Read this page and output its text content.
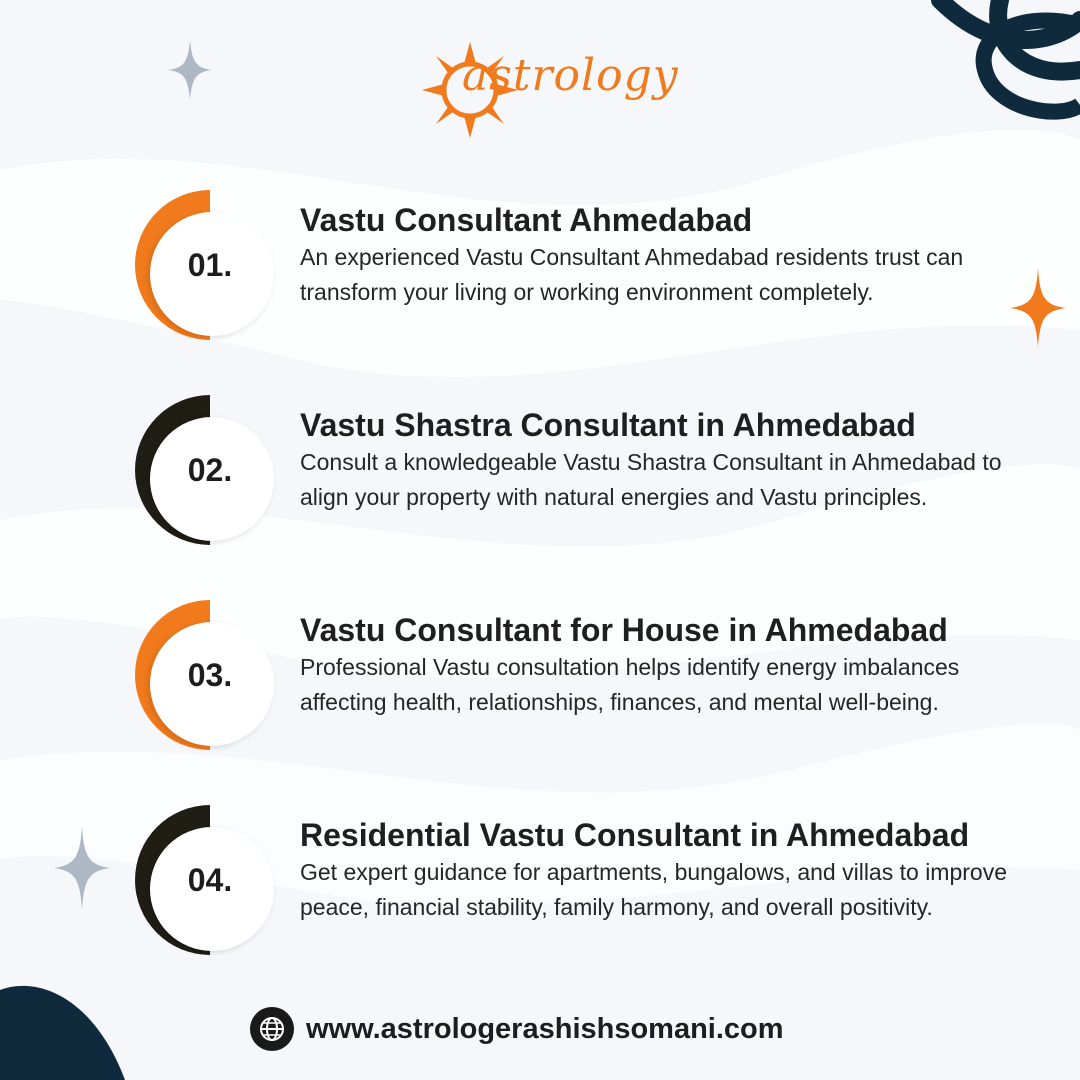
astrology
01.
Vastu Consultant Ahmedabad
An experienced Vastu Consultant Ahmedabad residents trust can transform your living or working environment completely.
02.
Vastu Shastra Consultant in Ahmedabad
Consult a knowledgeable Vastu Shastra Consultant in Ahmedabad to align your property with natural energies and Vastu principles.
03.
Vastu Consultant for House in Ahmedabad
Professional Vastu consultation helps identify energy imbalances affecting health, relationships, finances, and mental well-being.
04.
Residential Vastu Consultant in Ahmedabad
Get expert guidance for apartments, bungalows, and villas to improve peace, financial stability, family harmony, and overall positivity.
www.astrologerashishsomani.com
